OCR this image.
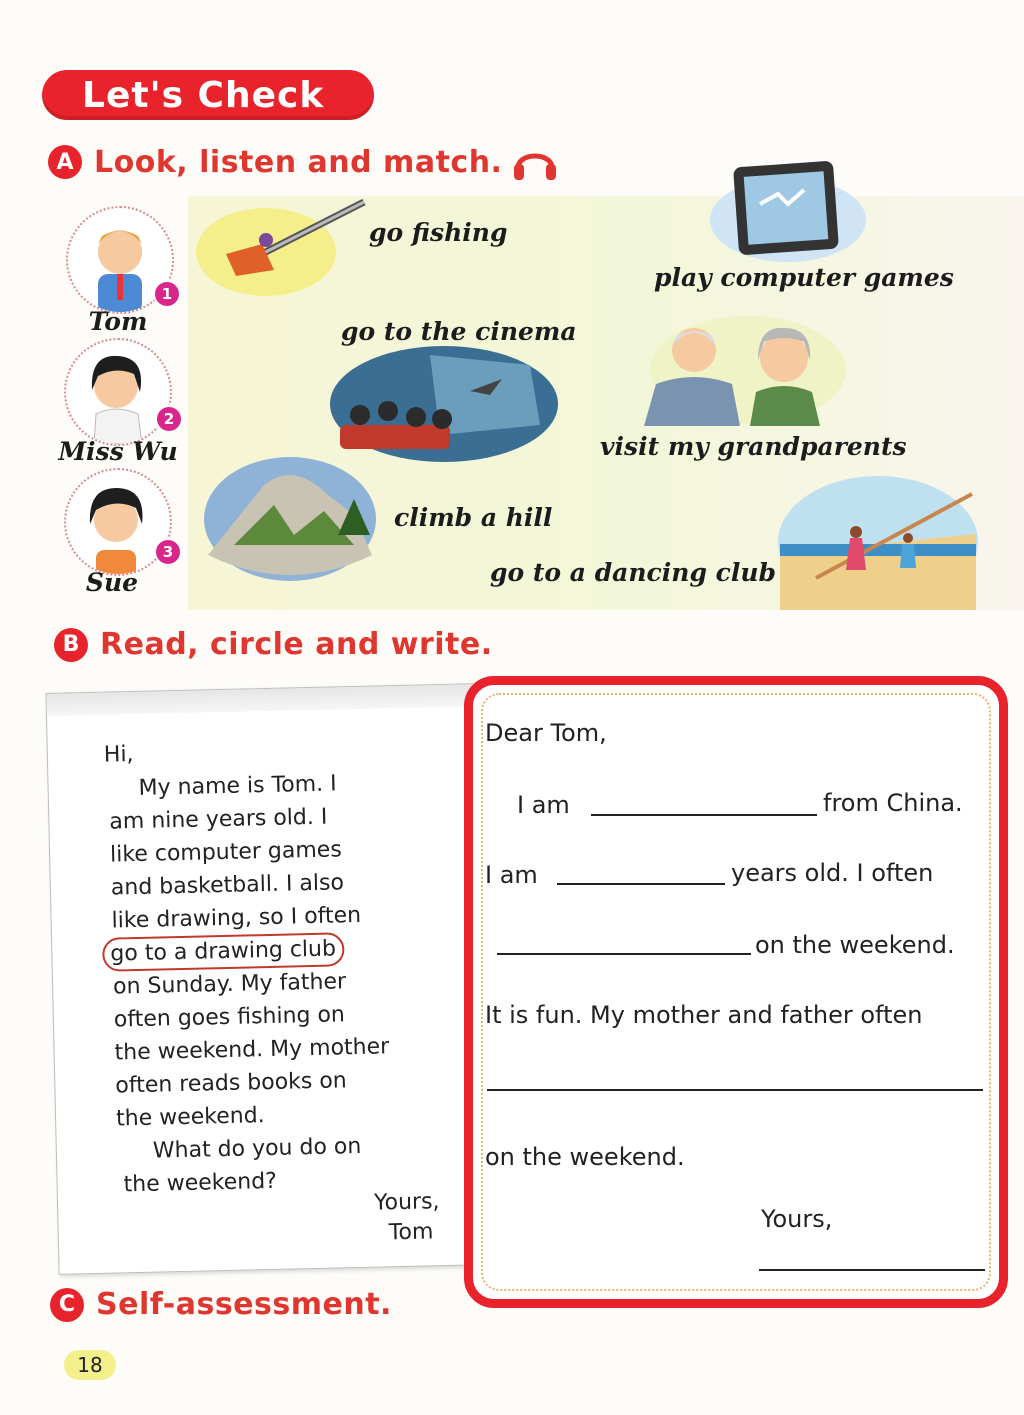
Let's Check
A Look, listen and match.
1
Tom
2
Miss Wu
3
Sue
go fishing
play computer games
go to the cinema
visit my grandparents
climb a hill
go to a dancing club
B Read, circle and write.
Hi,
My name is Tom. I
am nine years old. I
like computer games
and basketball. I also
like drawing, so I often
go to a drawing club
on Sunday. My father
often goes fishing on
the weekend. My mother
often reads books on
the weekend.
What do you do on
the weekend?
Yours,
Tom
Dear Tom,
I am	from China.
I am	years old. I often
on the weekend.
It is fun. My mother and father often
on the weekend.
Yours,
C Self-assessment.
18
